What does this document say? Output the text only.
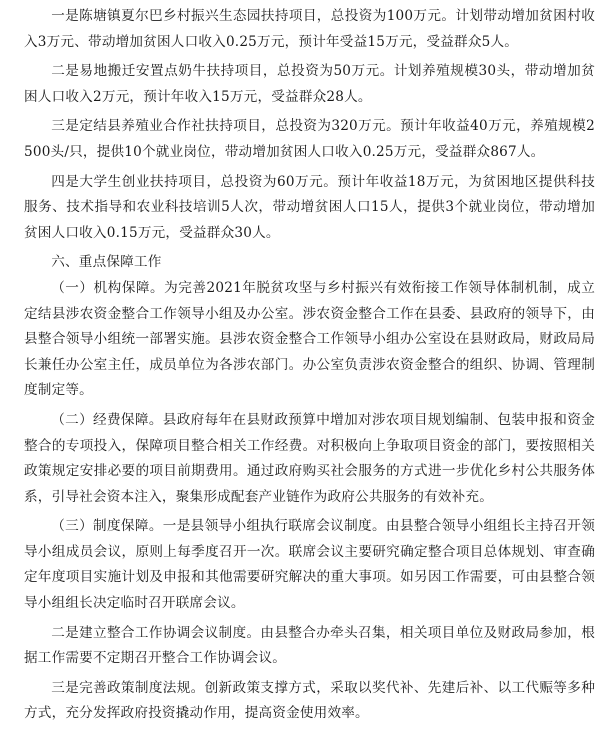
一是陈塘镇夏尔巴乡村振兴生态园扶持项目，总投资为100万元。计划带动增加贫困村收入3万元、带动增加贫困人口收入0.25万元，预计年受益15万元，受益群众5人。

二是易地搬迁安置点奶牛扶持项目，总投资为50万元。计划养殖规模30头，带动增加贫困人口收入2万元，预计年收入15万元，受益群众28人。

三是定结县养殖业合作社扶持项目，总投资为320万元。预计年收益40万元，养殖规模2500头/只，提供10个就业岗位，带动增加贫困人口收入0.25万元，受益群众867人。

四是大学生创业扶持项目，总投资为60万元。预计年收益18万元，为贫困地区提供科技服务、技术指导和农业科技培训5人次，带动增贫困人口15人，提供3个就业岗位，带动增加贫困人口收入0.15万元，受益群众30人。

六、重点保障工作

（一）机构保障。为完善2021年脱贫攻坚与乡村振兴有效衔接工作领导体制机制，成立定结县涉农资金整合工作领导小组及办公室。涉农资金整合工作在县委、县政府的领导下，由县整合领导小组统一部署实施。县涉农资金整合工作领导小组办公室设在县财政局，财政局局长兼任办公室主任，成员单位为各涉农部门。办公室负责涉农资金整合的组织、协调、管理制度制定等。

（二）经费保障。县政府每年在县财政预算中增加对涉农项目规划编制、包装申报和资金整合的专项投入，保障项目整合相关工作经费。对积极向上争取项目资金的部门，要按照相关政策规定安排必要的项目前期费用。通过政府购买社会服务的方式进一步优化乡村公共服务体系，引导社会资本注入，聚集形成配套产业链作为政府公共服务的有效补充。

（三）制度保障。一是县领导小组执行联席会议制度。由县整合领导小组组长主持召开领导小组成员会议，原则上每季度召开一次。联席会议主要研究确定整合项目总体规划、审查确定年度项目实施计划及申报和其他需要研究解决的重大事项。如另因工作需要，可由县整合领导小组组长决定临时召开联席会议。

二是建立整合工作协调会议制度。由县整合办牵头召集，相关项目单位及财政局参加，根据工作需要不定期召开整合工作协调会议。

三是完善政策制度法规。创新政策支撑方式，采取以奖代补、先建后补、以工代赈等多种方式，充分发挥政府投资撬动作用，提高资金使用效率。
